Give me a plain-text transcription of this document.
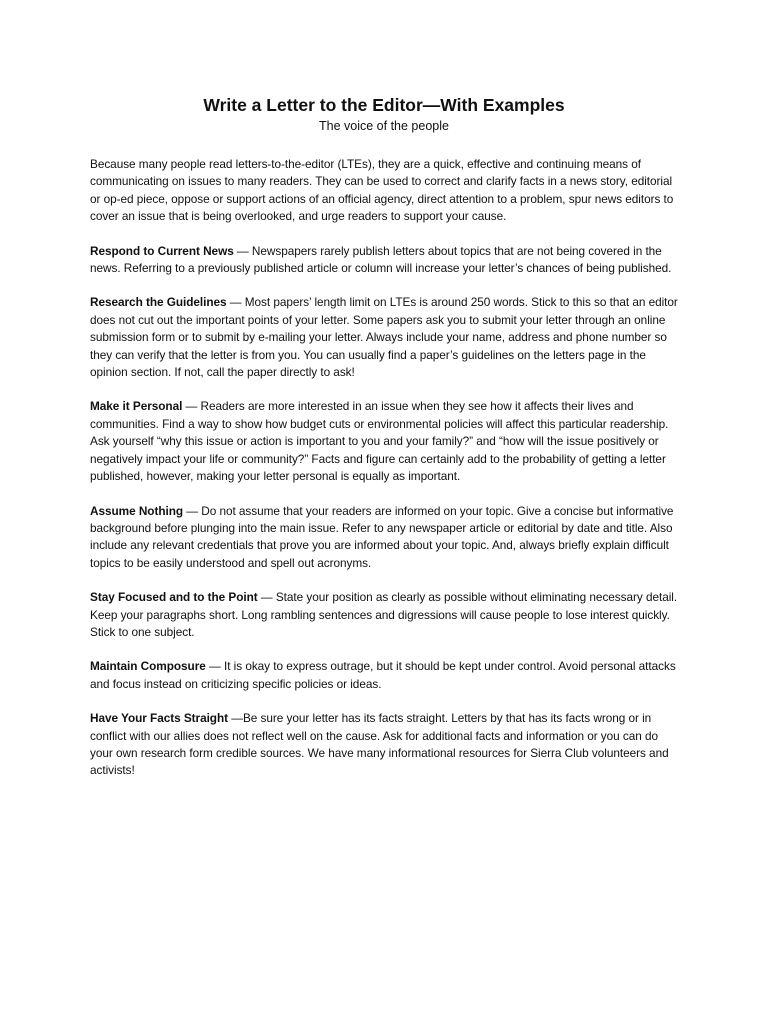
Write a Letter to the Editor—With Examples
The voice of the people

Because many people read letters-to-the-editor (LTEs), they are a quick, effective and continuing means of communicating on issues to many readers. They can be used to correct and clarify facts in a news story, editorial or op-ed piece, oppose or support actions of an official agency, direct attention to a problem, spur news editors to cover an issue that is being overlooked, and urge readers to support your cause.

Respond to Current News — Newspapers rarely publish letters about topics that are not being covered in the news. Referring to a previously published article or column will increase your letter’s chances of being published.

Research the Guidelines — Most papers’ length limit on LTEs is around 250 words. Stick to this so that an editor does not cut out the important points of your letter. Some papers ask you to submit your letter through an online submission form or to submit by e-mailing your letter. Always include your name, address and phone number so they can verify that the letter is from you. You can usually find a paper’s guidelines on the letters page in the opinion section. If not, call the paper directly to ask!

Make it Personal — Readers are more interested in an issue when they see how it affects their lives and communities. Find a way to show how budget cuts or environmental policies will affect this particular readership. Ask yourself “why this issue or action is important to you and your family?” and “how will the issue positively or negatively impact your life or community?” Facts and figure can certainly add to the probability of getting a letter published, however, making your letter personal is equally as important.

Assume Nothing — Do not assume that your readers are informed on your topic. Give a concise but informative background before plunging into the main issue. Refer to any newspaper article or editorial by date and title. Also include any relevant credentials that prove you are informed about your topic. And, always briefly explain difficult topics to be easily understood and spell out acronyms.

Stay Focused and to the Point — State your position as clearly as possible without eliminating necessary detail. Keep your paragraphs short. Long rambling sentences and digressions will cause people to lose interest quickly. Stick to one subject.

Maintain Composure — It is okay to express outrage, but it should be kept under control. Avoid personal attacks and focus instead on criticizing specific policies or ideas.

Have Your Facts Straight —Be sure your letter has its facts straight. Letters by that has its facts wrong or in conflict with our allies does not reflect well on the cause. Ask for additional facts and information or you can do your own research form credible sources. We have many informational resources for Sierra Club volunteers and activists!
